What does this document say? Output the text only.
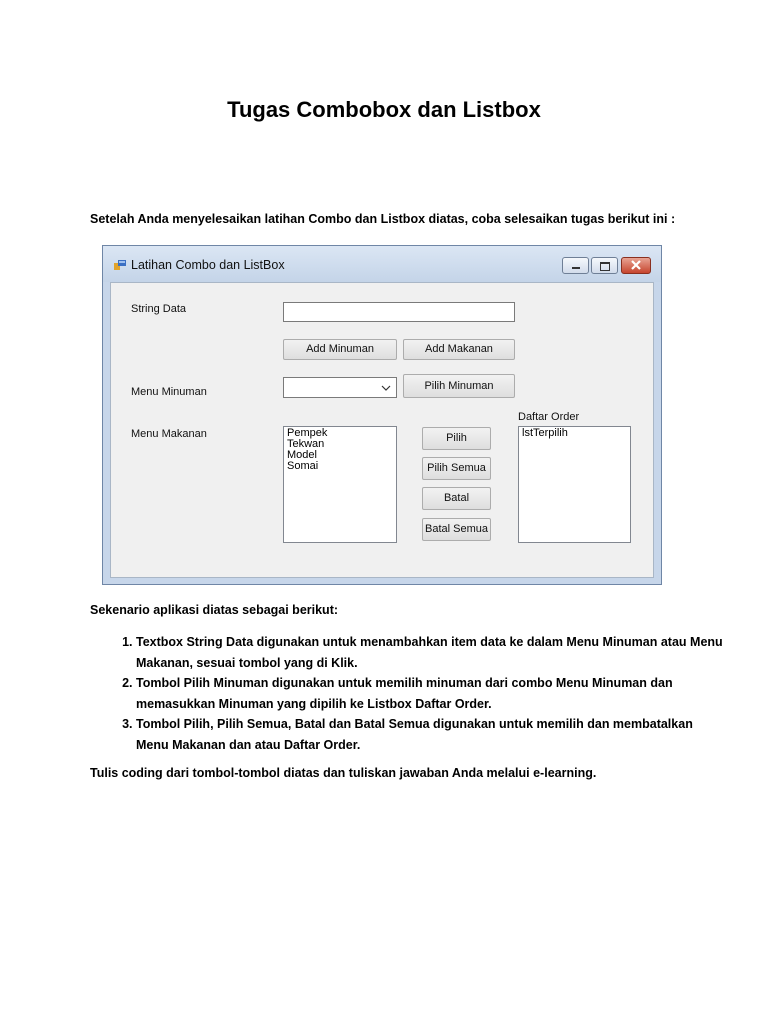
Tugas Combobox dan Listbox
Setelah Anda menyelesaikan latihan Combo dan Listbox diatas, coba selesaikan tugas berikut ini :
Latihan Combo dan ListBox
String Data
Add Minuman	Add Makanan
Menu Minuman	Pilih Minuman
Menu Makanan	Pempek
Tekwan
Model
Somai
Pilih
Pilih Semua
Batal
Batal Semua
Daftar Order
lstTerpilih
Sekenario aplikasi diatas sebagai berikut:
1. Textbox String Data digunakan untuk menambahkan item data ke dalam Menu Minuman atau Menu Makanan, sesuai tombol yang di Klik.
2. Tombol Pilih Minuman digunakan untuk memilih minuman dari combo Menu Minuman dan memasukkan Minuman yang dipilih ke Listbox Daftar Order.
3. Tombol Pilih, Pilih Semua, Batal dan Batal Semua digunakan untuk memilih dan membatalkan Menu Makanan dan atau Daftar Order.
Tulis coding dari tombol-tombol diatas dan tuliskan jawaban Anda melalui e-learning.
